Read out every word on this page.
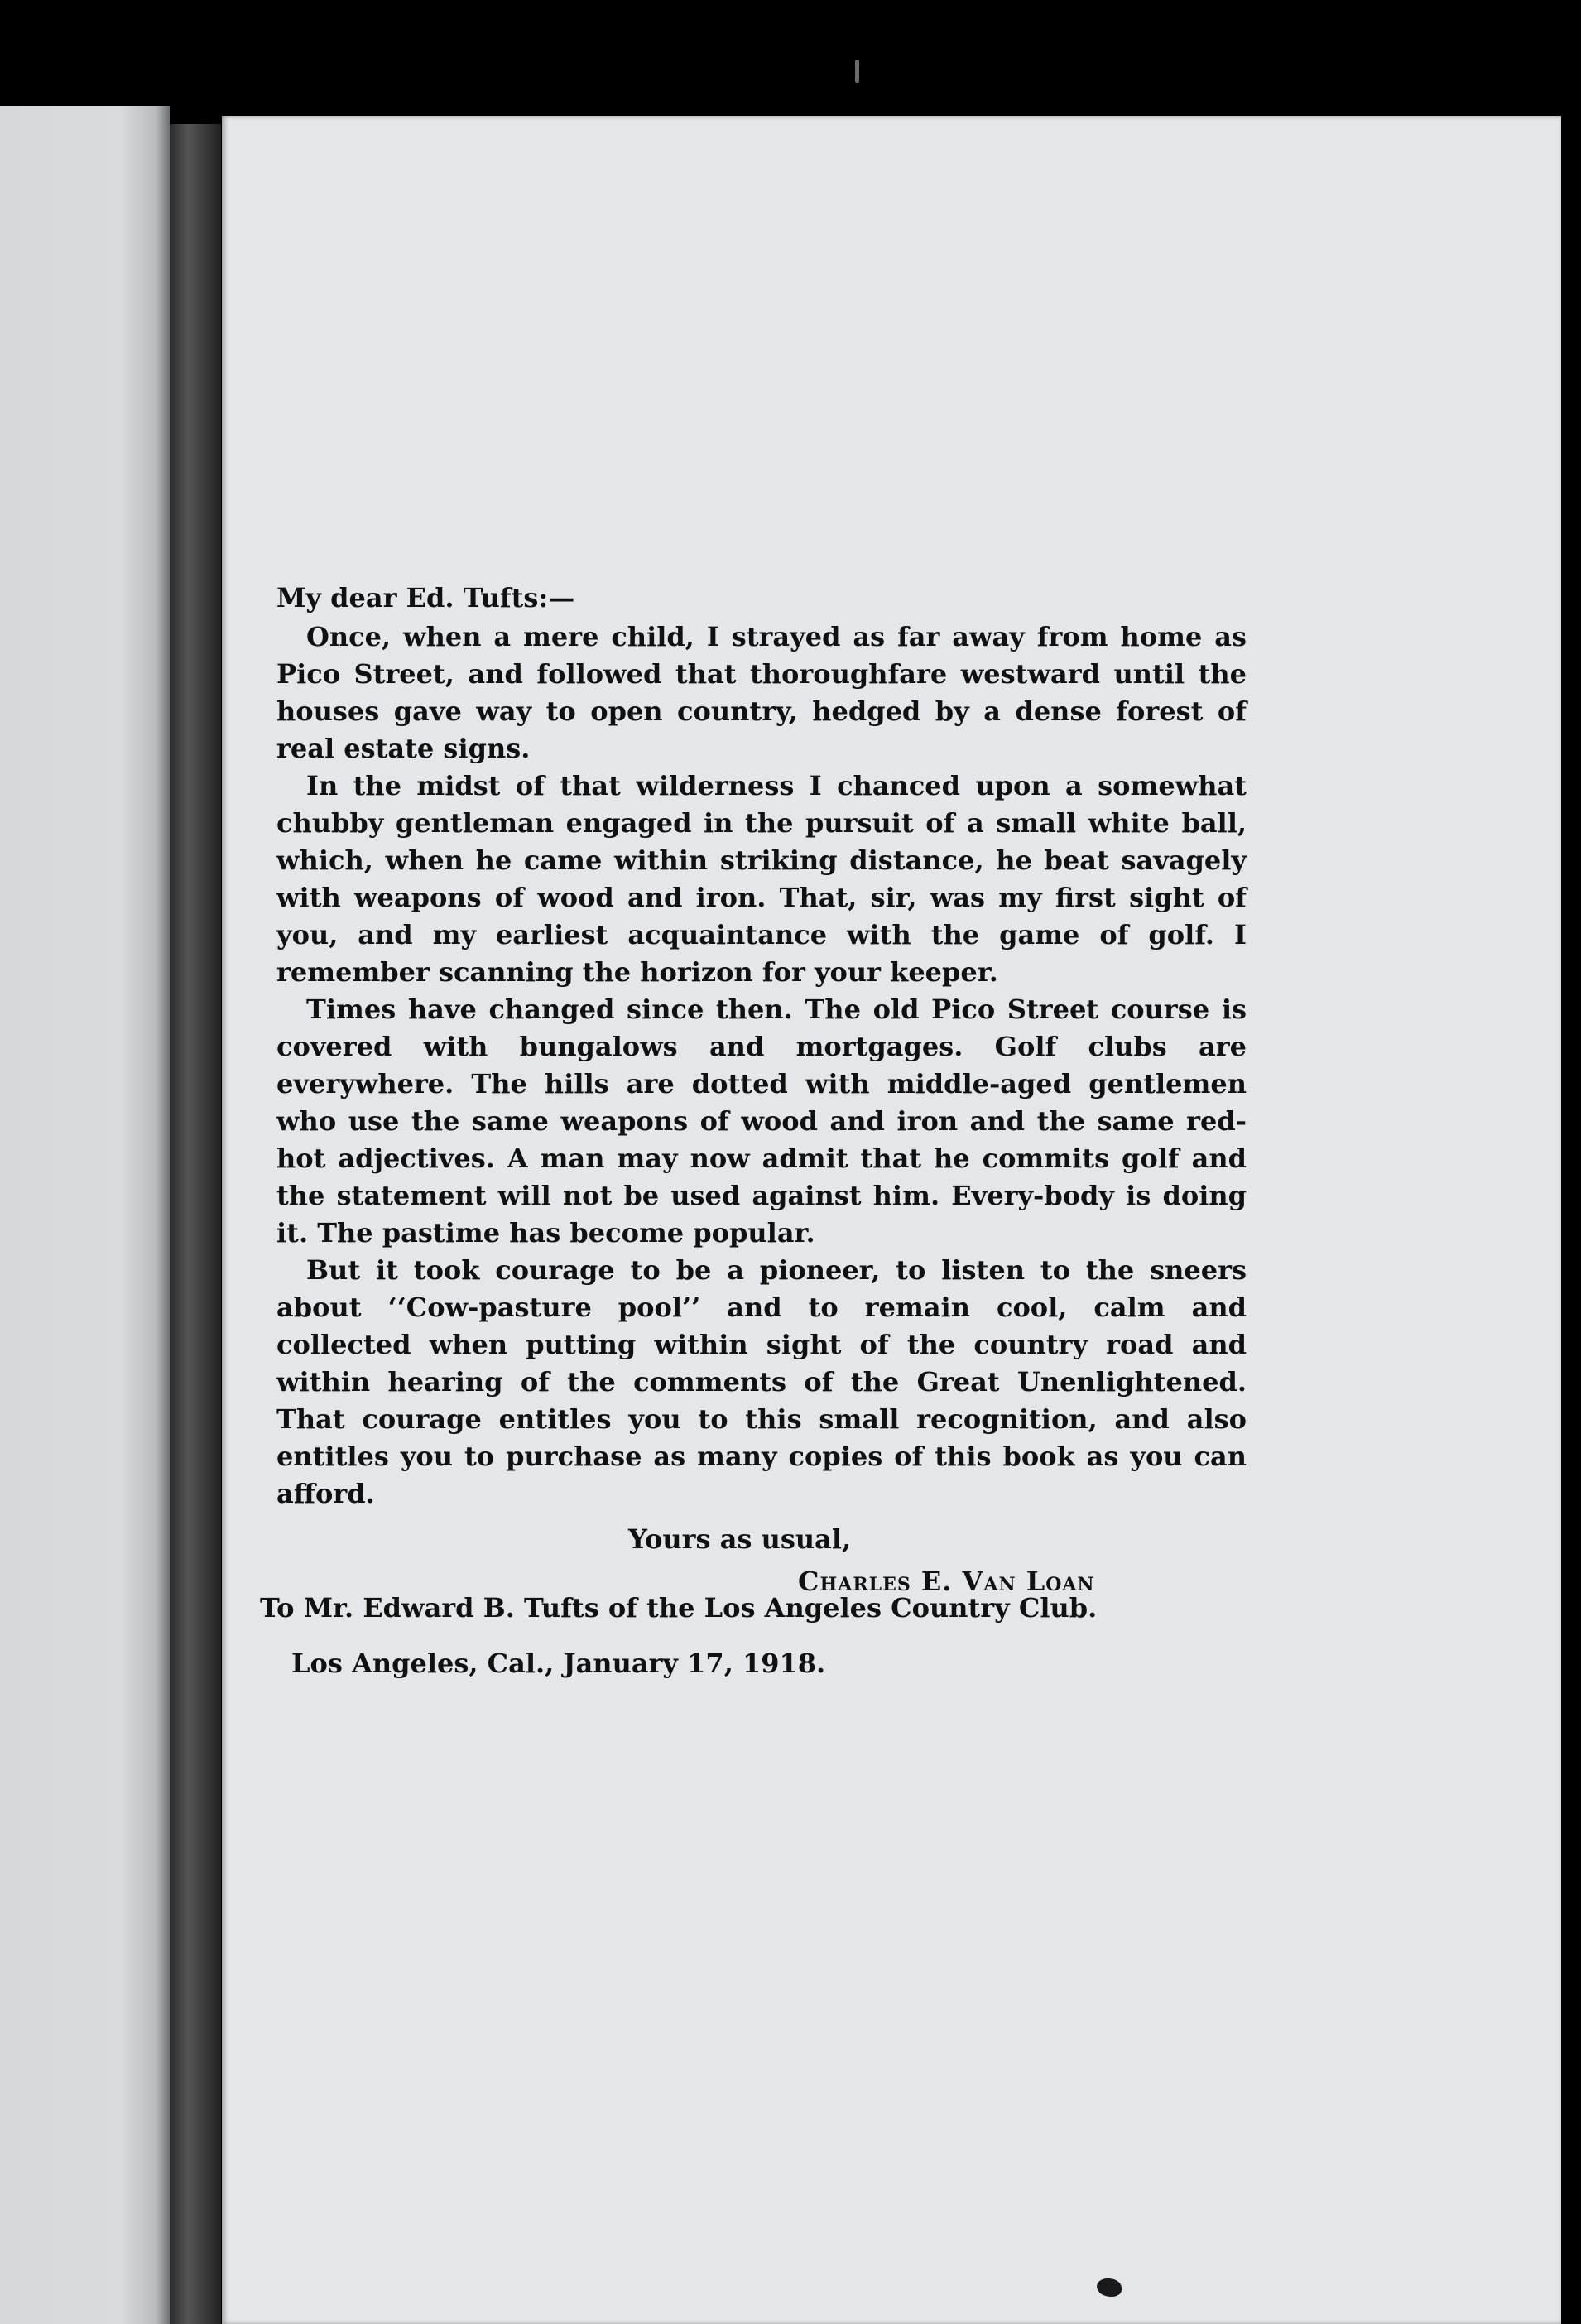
My dear Ed. Tufts:—

Once, when a mere child, I strayed as far away from home as Pico Street, and followed that thoroughfare westward until the houses gave way to open country, hedged by a dense forest of real estate signs.

In the midst of that wilderness I chanced upon a somewhat chubby gentleman engaged in the pursuit of a small white ball, which, when he came within striking distance, he beat savagely with weapons of wood and iron. That, sir, was my first sight of you, and my earliest acquaintance with the game of golf. I remember scanning the horizon for your keeper.

Times have changed since then. The old Pico Street course is covered with bungalows and mortgages. Golf clubs are everywhere. The hills are dotted with middle-aged gentlemen who use the same weapons of wood and iron and the same red-hot adjectives. A man may now admit that he commits golf and the statement will not be used against him. Every-body is doing it. The pastime has become popular.

But it took courage to be a pioneer, to listen to the sneers about ‘‘Cow-pasture pool’’ and to remain cool, calm and collected when putting within sight of the country road and within hearing of the comments of the Great Unenlightened. That courage entitles you to this small recognition, and also entitles you to purchase as many copies of this book as you can afford.

Yours as usual,
Charles E. Van Loan
To Mr. Edward B. Tufts of the Los Angeles Country Club.
Los Angeles, Cal., January 17, 1918.
